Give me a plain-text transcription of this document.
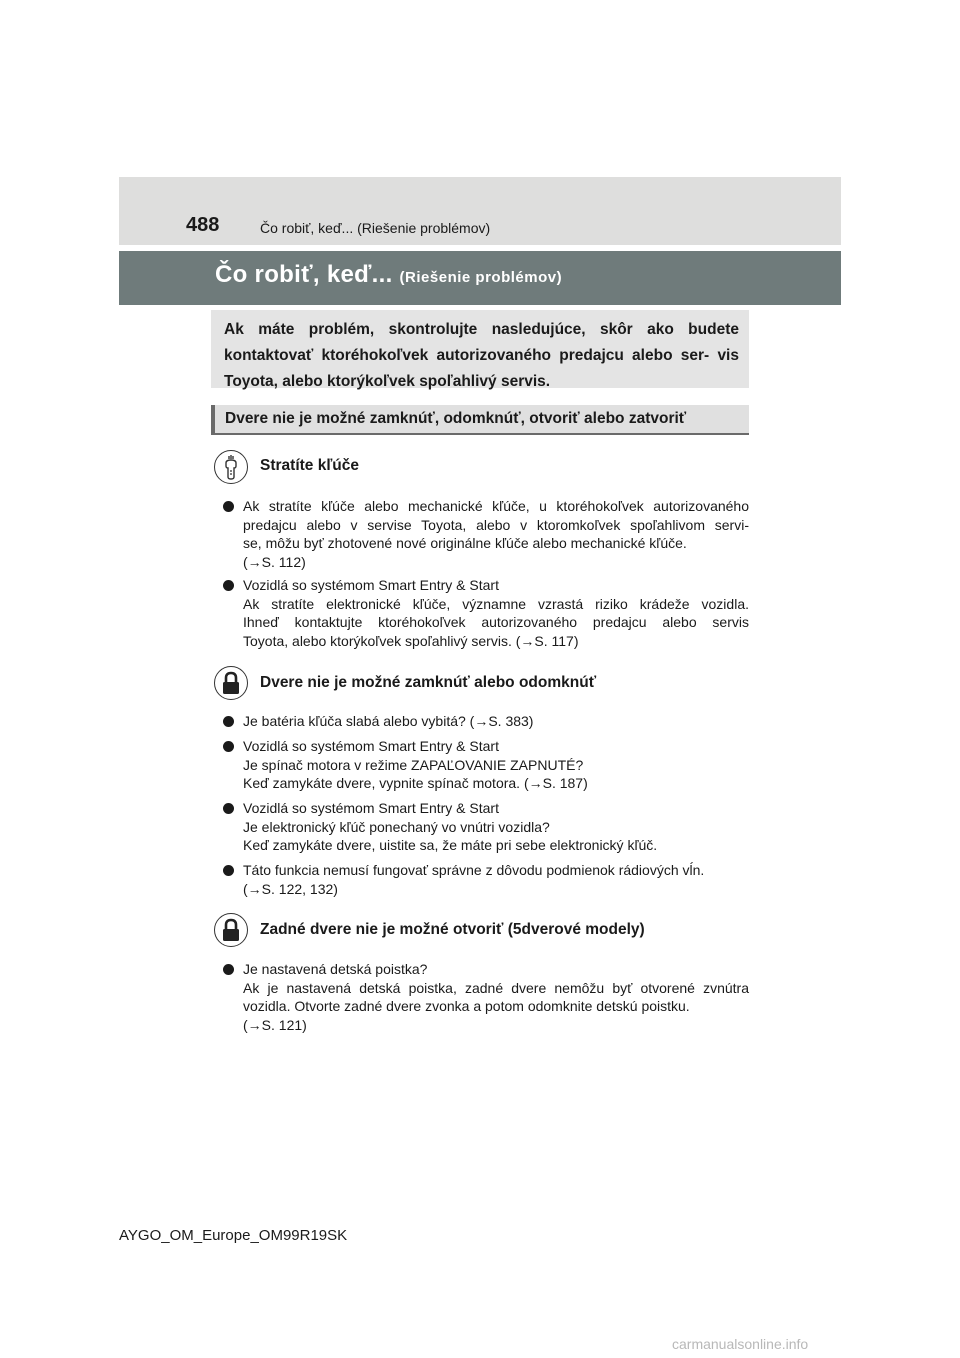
488	Čo robiť, keď... (Riešenie problémov)
Čo robiť, keď... (Riešenie problémov)
Ak máte problém, skontrolujte nasledujúce, skôr ako budete kontaktovať ktoréhokoľvek autorizovaného predajcu alebo ser- vis Toyota, alebo ktorýkoľvek spoľahlivý servis.
Dvere nie je možné zamknúť, odomknúť, otvoriť alebo zatvoriť
Stratíte kľúče
Ak stratíte kľúče alebo mechanické kľúče, u ktoréhokoľvek autorizovaného
predajcu alebo v servise Toyota, alebo v ktoromkoľvek spoľahlivom servi-
se, môžu byť zhotovené nové originálne kľúče alebo mechanické kľúče.
(→S. 112)
Vozidlá so systémom Smart Entry & Start
Ak stratíte elektronické kľúče, významne vzrastá riziko krádeže vozidla.
Ihneď kontaktujte ktoréhokoľvek autorizovaného predajcu alebo servis
Toyota, alebo ktorýkoľvek spoľahlivý servis. (→S. 117)
Dvere nie je možné zamknúť alebo odomknúť
Je batéria kľúča slabá alebo vybitá? (→S. 383)
Vozidlá so systémom Smart Entry & Start
Je spínač motora v režime ZAPAĽOVANIE ZAPNUTÉ?
Keď zamykáte dvere, vypnite spínač motora. (→S. 187)
Vozidlá so systémom Smart Entry & Start
Je elektronický kľúč ponechaný vo vnútri vozidla?
Keď zamykáte dvere, uistite sa, že máte pri sebe elektronický kľúč.
Táto funkcia nemusí fungovať správne z dôvodu podmienok rádiových vĺn.
(→S. 122, 132)
Zadné dvere nie je možné otvoriť (5dverové modely)
Je nastavená detská poistka?
Ak je nastavená detská poistka, zadné dvere nemôžu byť otvorené zvnútra
vozidla. Otvorte zadné dvere zvonka a potom odomknite detskú poistku.
(→S. 121)
AYGO_OM_Europe_OM99R19SK
carmanualsonline.info
